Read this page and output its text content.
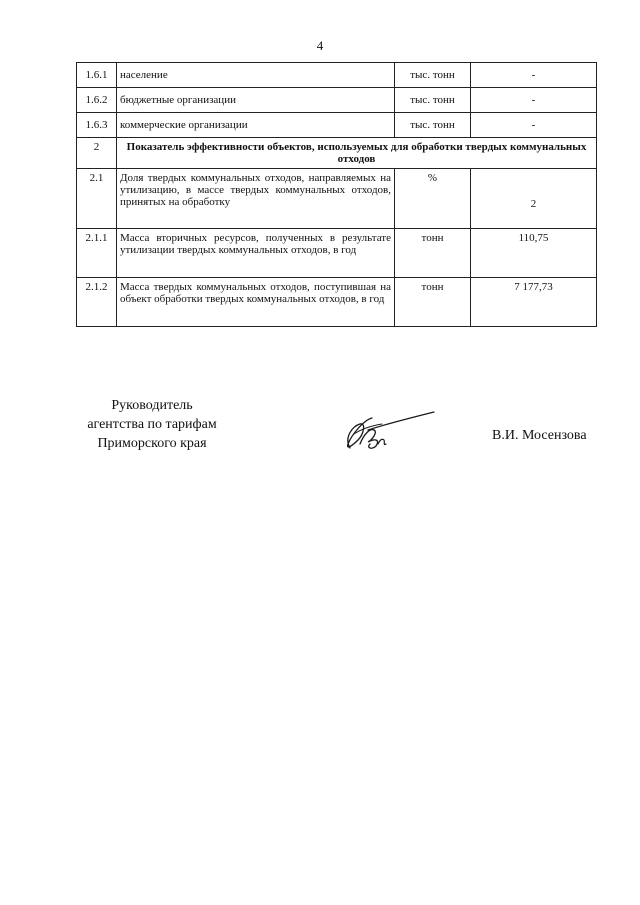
4
1.6.1	население	тыс. тонн	-
1.6.2	бюджетные организации	тыс. тонн	-
1.6.3	коммерческие организации	тыс. тонн	-
2	Показатель эффективности объектов, используемых для обработки твердых коммунальных отходов		
2.1	Доля твердых коммунальных отходов, направляемых на утилизацию, в массе твердых коммунальных отходов, принятых на обработку	%	2
2.1.1	Масса вторичных ресурсов, полученных в результате утилизации твердых коммунальных отходов, в год	тонн	110,75
2.1.2	Масса твердых коммунальных отходов, поступившая на объект обработки твердых коммунальных отходов, в год	тонн	7 177,73
Руководитель
агентства по тарифам
Приморского края
В.И. Мосензова
